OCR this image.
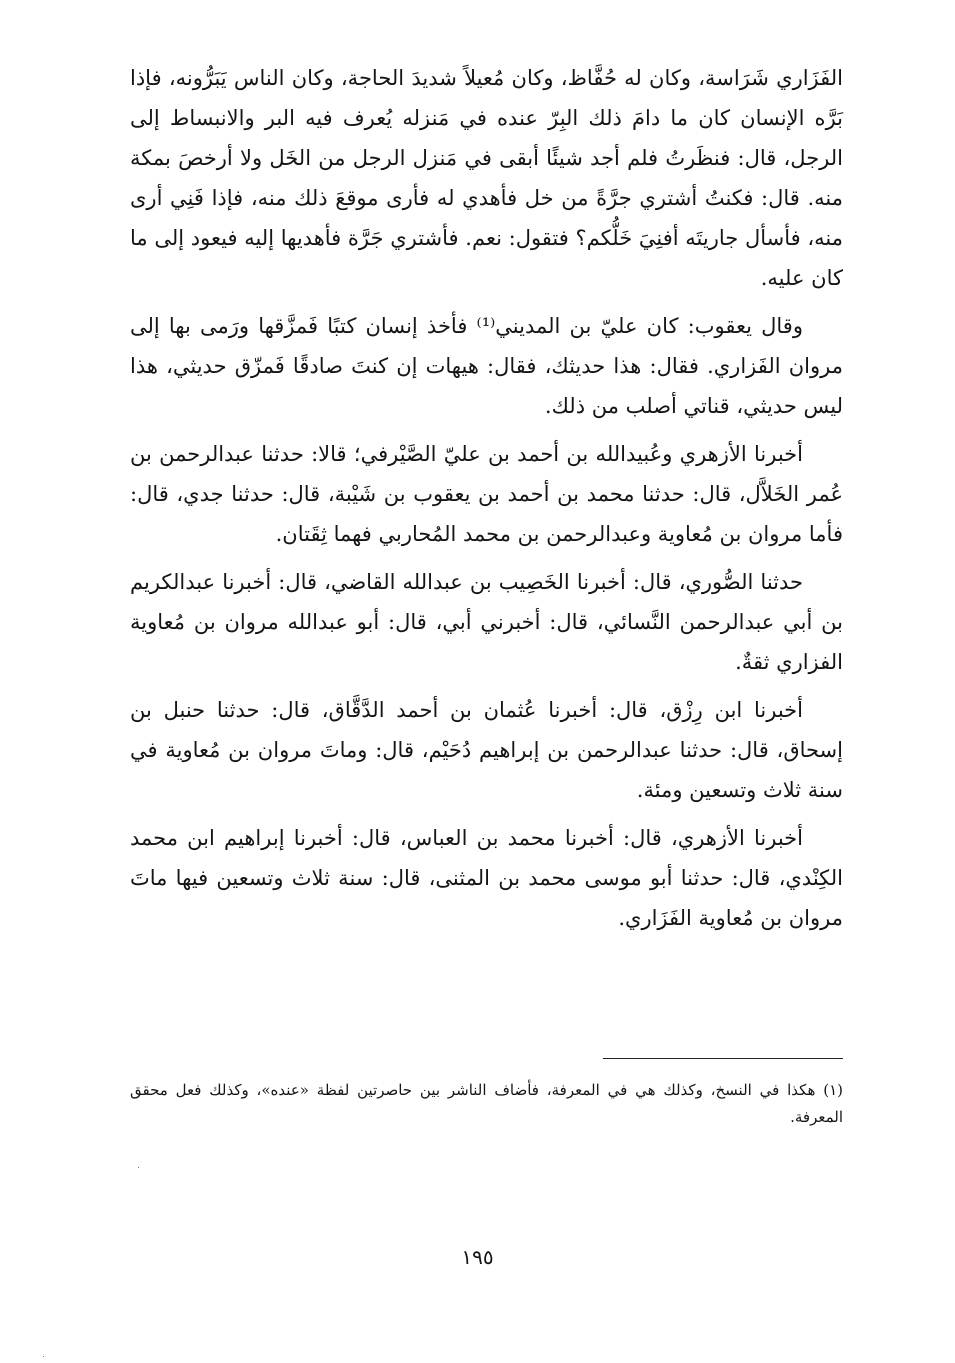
الفَزَاري شَرَاسة، وكان له حُفَّاظ، وكان مُعيلاً شديدَ الحاجة، وكان الناس يَبَرُّونه، فإذا بَرَّه الإنسان كان ما دامَ ذلك البِرّ عنده في مَنزله يُعرف فيه البر والانبساط إلى الرجل، قال: فنظَرتُ فلم أجد شيئًا أبقى في مَنزل الرجل من الخَل ولا أرخصَ بمكة منه. قال: فكنتُ أشتري جرَّةً من خل فأهدي له فأرى موقعَ ذلك منه، فإذا فَنِي أرى منه، فأسأل جاريتَه أفنِيَ خَلُّكم؟ فتقول: نعم. فأشتري جَرَّة فأهديها إليه فيعود إلى ما كان عليه.

وقال يعقوب: كان عليّ بن المديني⁽¹⁾ فأخذ إنسان كتبًا فَمزَّقها ورَمى بها إلى مروان الفَزاري. فقال: هذا حديثك، فقال: هيهات إن كنتَ صادقًا فَمزّق حديثي، هذا ليس حديثي، قناتي أصلب من ذلك.

أخبرنا الأزهري وعُبيدالله بن أحمد بن عليّ الصَّيْرفي؛ قالا: حدثنا عبدالرحمن بن عُمر الخَلاَّل، قال: حدثنا محمد بن أحمد بن يعقوب بن شَيْبة، قال: حدثنا جدي، قال: فأما مروان بن مُعاوية وعبدالرحمن بن محمد المُحاربي فهما ثِقَتان.

حدثنا الصُّوري، قال: أخبرنا الخَصِيب بن عبدالله القاضي، قال: أخبرنا عبدالكريم بن أبي عبدالرحمن النَّسائي، قال: أخبرني أبي، قال: أبو عبدالله مروان بن مُعاوية الفزاري ثقةٌ.

أخبرنا ابن رِزْق، قال: أخبرنا عُثمان بن أحمد الدَّقَّاق، قال: حدثنا حنبل بن إسحاق، قال: حدثنا عبدالرحمن بن إبراهيم دُحَيْم، قال: وماتَ مروان بن مُعاوية في سنة ثلاث وتسعين ومئة.

أخبرنا الأزهري، قال: أخبرنا محمد بن العباس، قال: أخبرنا إبراهيم ابن محمد الكِنْدي، قال: حدثنا أبو موسى محمد بن المثنى، قال: سنة ثلاث وتسعين فيها ماتَ مروان بن مُعاوية الفَزَاري.

(١) هكذا في النسخ، وكذلك هي في المعرفة، فأضاف الناشر بين حاصرتين لفظة «عنده»، وكذلك فعل محقق المعرفة.
١٩٥
